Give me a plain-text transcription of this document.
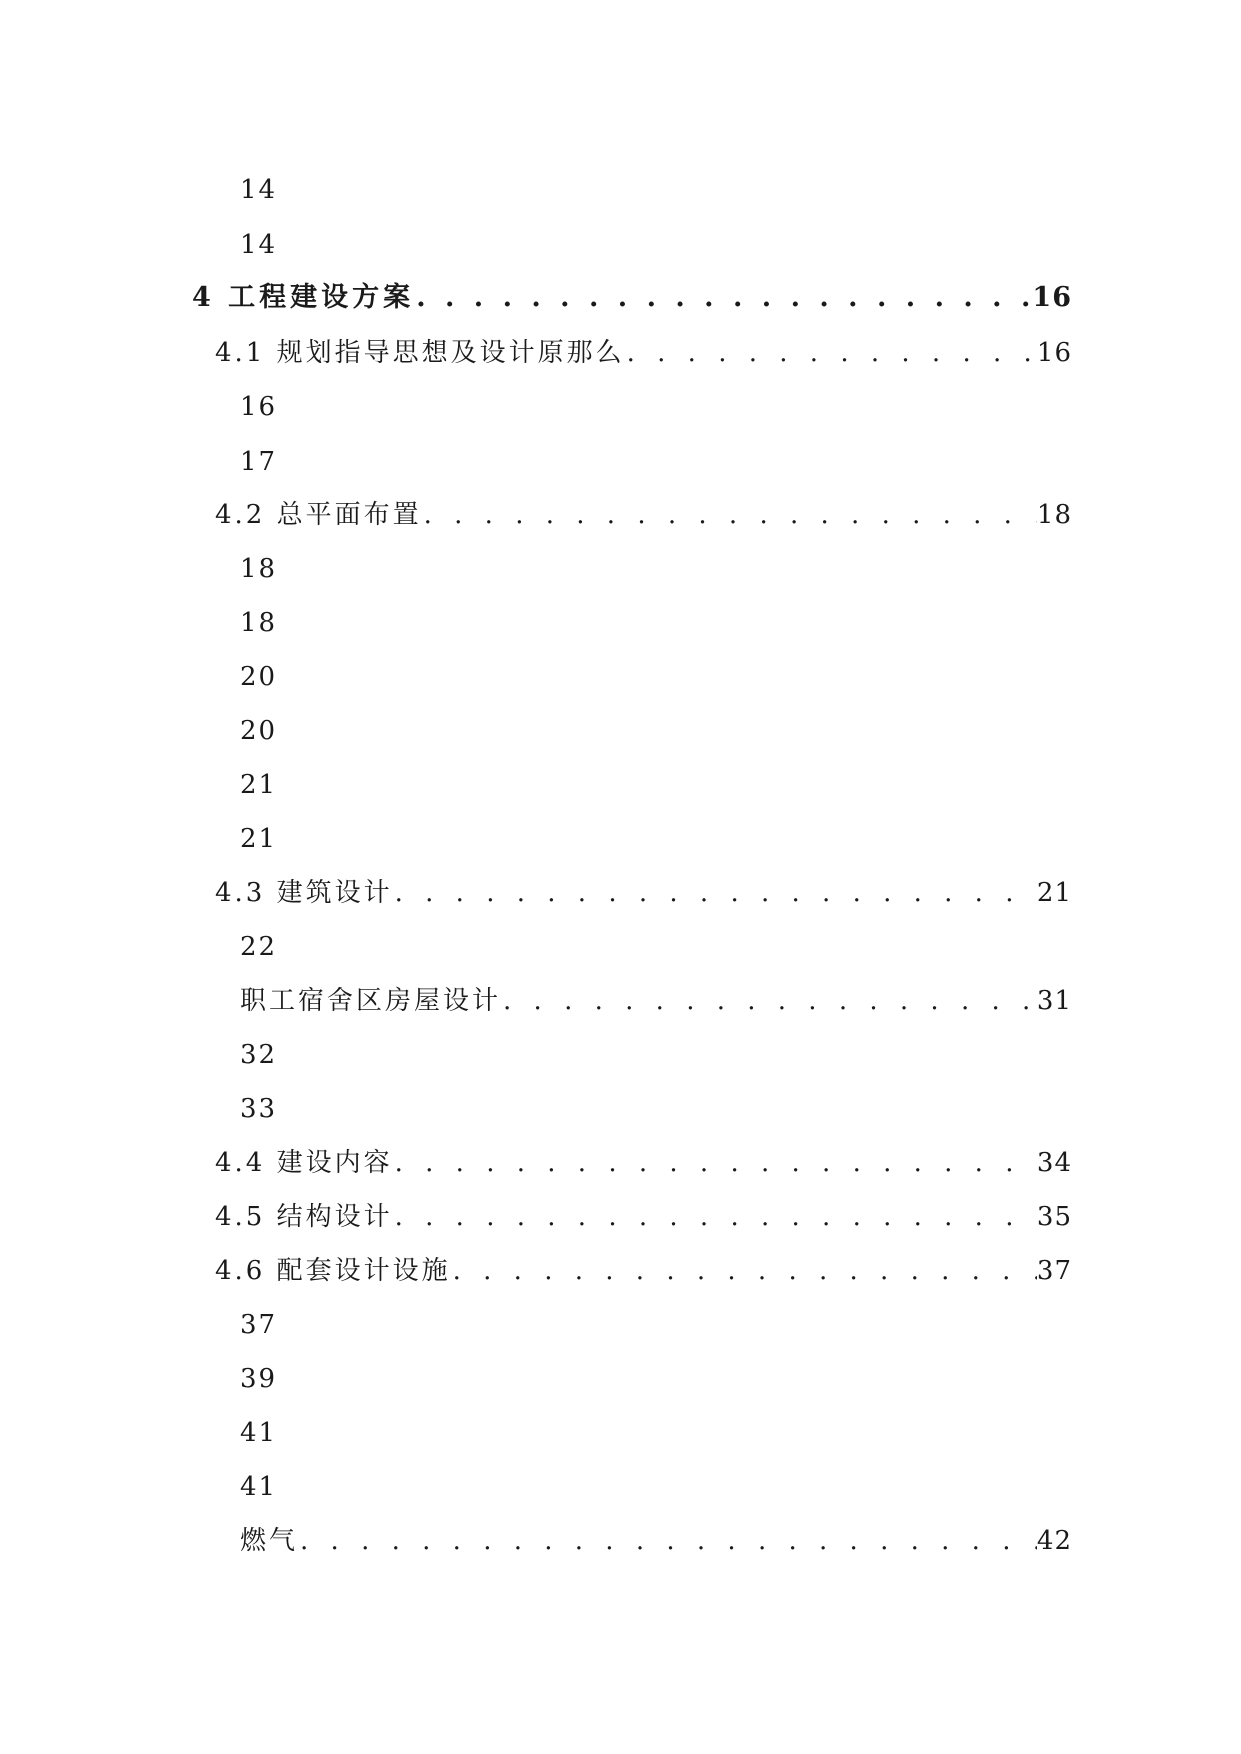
14
14
4 工程建设方案 . . .	16
4.1 规划指导思想及设计原那么 . . .	16
16
17
4.2 总平面布置 . . .	18
18
18
20
20
21
21
4.3 建筑设计 . . .	21
22
职工宿舍区房屋设计 . . .	31
32
33
4.4 建设内容 . . .	34
4.5 结构设计 . . .	35
4.6 配套设计设施 . . .	37
37
39
41
41
燃气 . . .	42
